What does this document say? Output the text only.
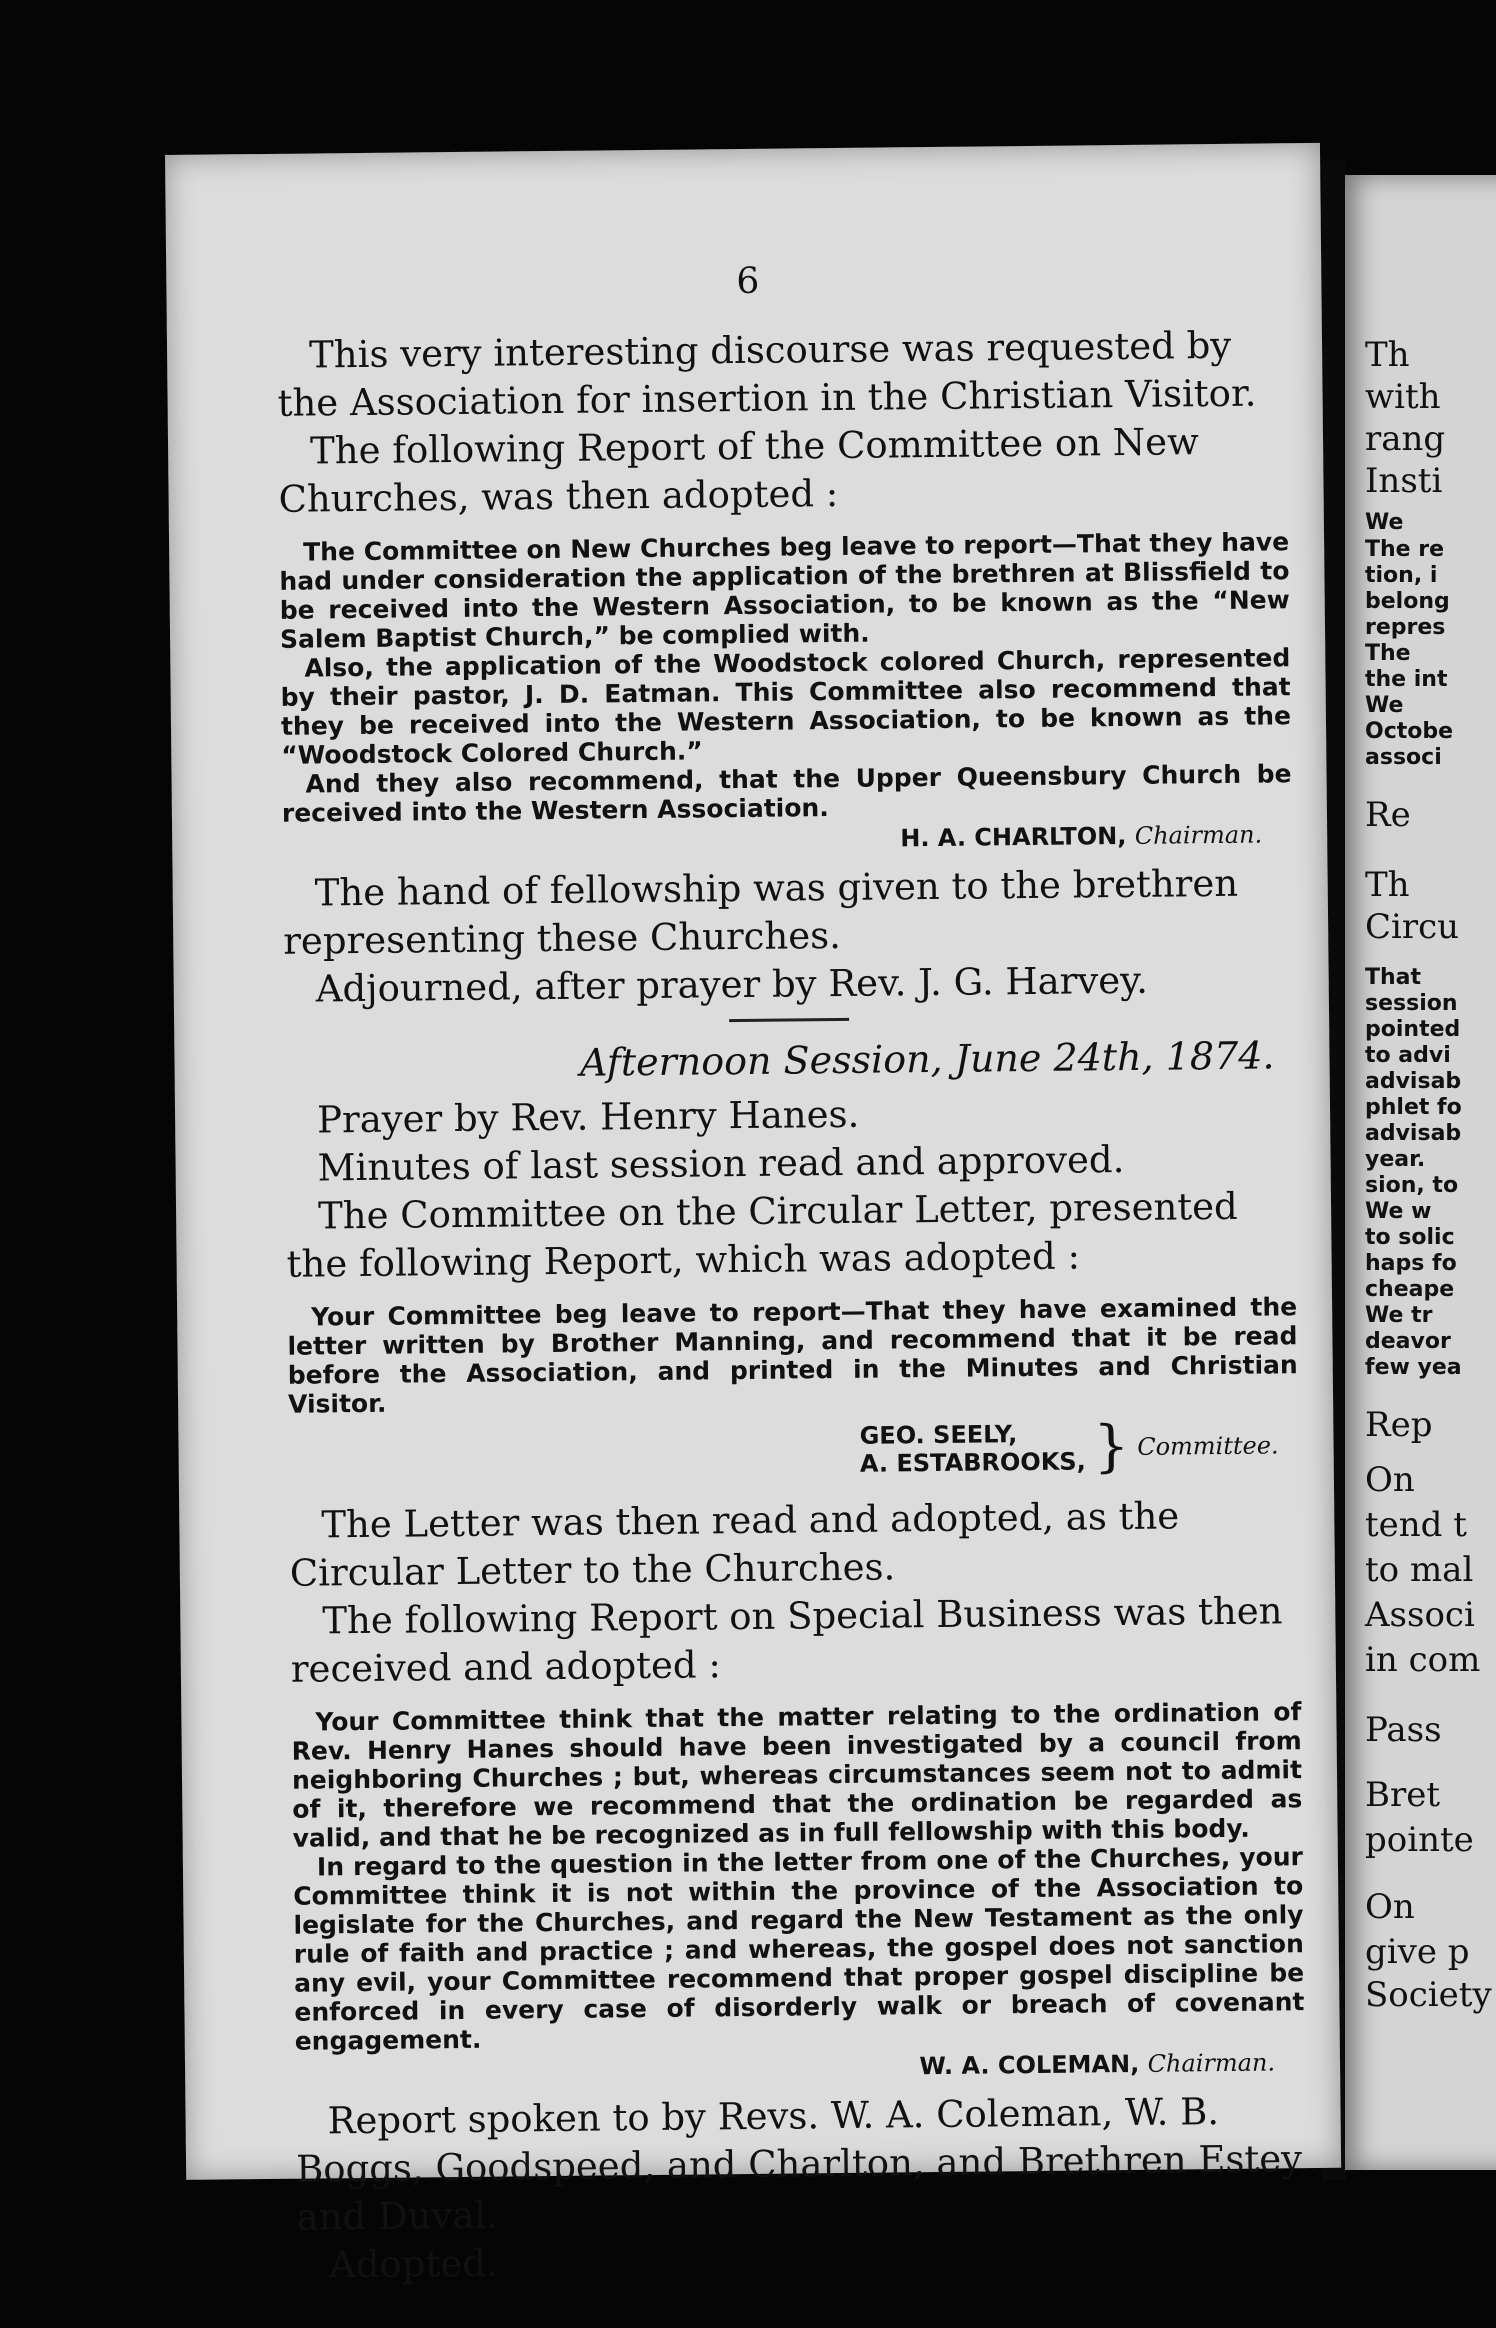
6

This very interesting discourse was requested by the Association for insertion in the Christian Visitor.

The following Report of the Committee on New Churches, was then adopted :

The Committee on New Churches beg leave to report—That they have had under consideration the application of the brethren at Blissfield to be received into the Western Association, to be known as the “New Salem Baptist Church,” be complied with.

Also, the application of the Woodstock colored Church, represented by their pastor, J. D. Eatman. This Committee also recommend that they be received into the Western Association, to be known as the “Woodstock Colored Church.”

And they also recommend, that the Upper Queensbury Church be received into the Western Association.

H. A. CHARLTON, Chairman.

The hand of fellowship was given to the brethren representing these Churches.

Adjourned, after prayer by Rev. J. G. Harvey.

Afternoon Session, June 24th, 1874.

Prayer by Rev. Henry Hanes.

Minutes of last session read and approved.

The Committee on the Circular Letter, presented the following Report, which was adopted :

Your Committee beg leave to report—That they have examined the letter written by Brother Manning, and recommend that it be read before the Association, and printed in the Minutes and Christian Visitor.

GEO. SEELY,
A. ESTABROOKS, } Committee.

The Letter was then read and adopted, as the Circular Letter to the Churches.

The following Report on Special Business was then received and adopted :

Your Committee think that the matter relating to the ordination of Rev. Henry Hanes should have been investigated by a council from neighboring Churches ; but, whereas circumstances seem not to admit of it, therefore we recommend that the ordination be regarded as valid, and that he be recognized as in full fellowship with this body.

In regard to the question in the letter from one of the Churches, your Committee think it is not within the province of the Association to legislate for the Churches, and regard the New Testament as the only rule of faith and practice ; and whereas, the gospel does not sanction any evil, your Committee recommend that proper gospel discipline be enforced in every case of disorderly walk or breach of covenant engagement.

W. A. COLEMAN, Chairman.

Report spoken to by Revs. W. A. Coleman, W. B. Boggs, Goodspeed, and Charlton, and Brethren Estey and Duval.

Adopted.

Th
with
rang
Insti
We
The re
tion, i
belong
repres
The
the int
We
Octobe
associ
Re
Th
Circu
That
session
pointed
to advi
advisab
phlet fo
advisab
year.
sion, to
We w
to solic
haps fo
cheape
We tr
deavor
few yea
Rep
On
tend t
to mal
Associ
in com
Pass
Bret
pointe
On
give p
Society
